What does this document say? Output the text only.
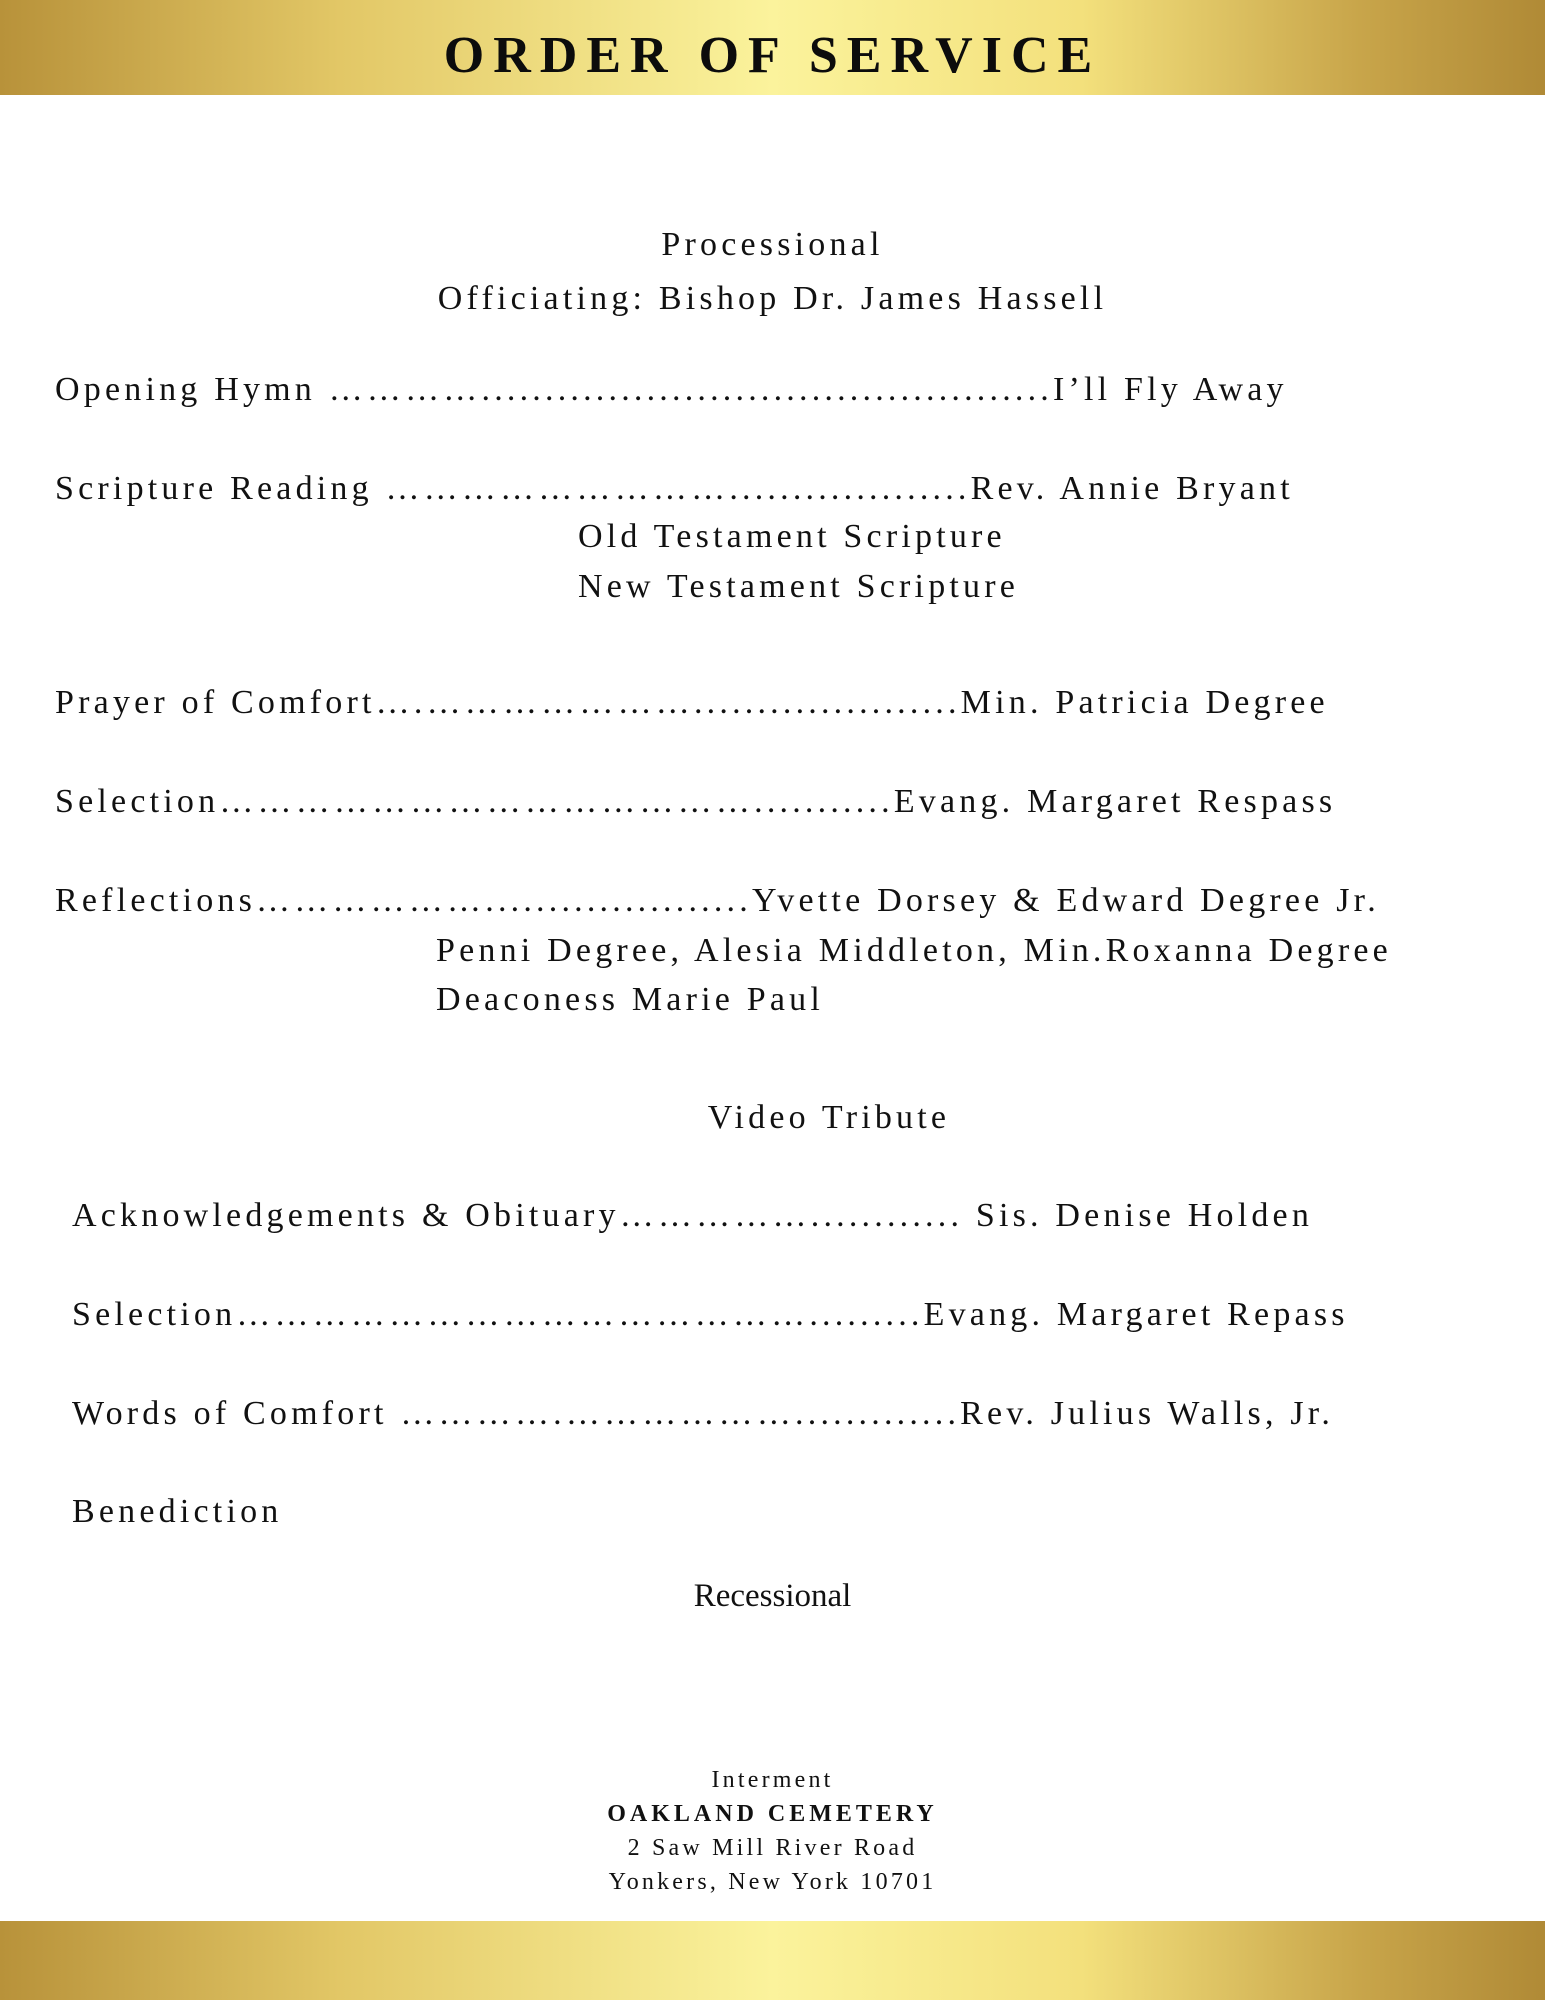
ORDER OF SERVICE
Processional
Officiating: Bishop Dr. James Hassell
Opening Hymn ………….............................................I’ll Fly Away
Scripture Reading ………………………...................Rev. Annie Bryant
Old Testament Scripture
New Testament Scripture
Prayer of Comfort….………………….....................Min. Patricia Degree
Selection……………………………………...........Evang. Margaret Respass
Reflections……………….....................Yvette Dorsey & Edward Degree Jr.
Penni Degree, Alesia Middleton, Min.Roxanna Degree
Deaconess Marie Paul
Video Tribute
Acknowledgements & Obituary……………............ Sis. Denise Holden
Selection……………………………………….........Evang. Margaret Repass
Words of Comfort ………….……………….............Rev. Julius Walls, Jr.
Benediction
Recessional
Interment
OAKLAND CEMETERY
2 Saw Mill River Road
Yonkers, New York 10701
